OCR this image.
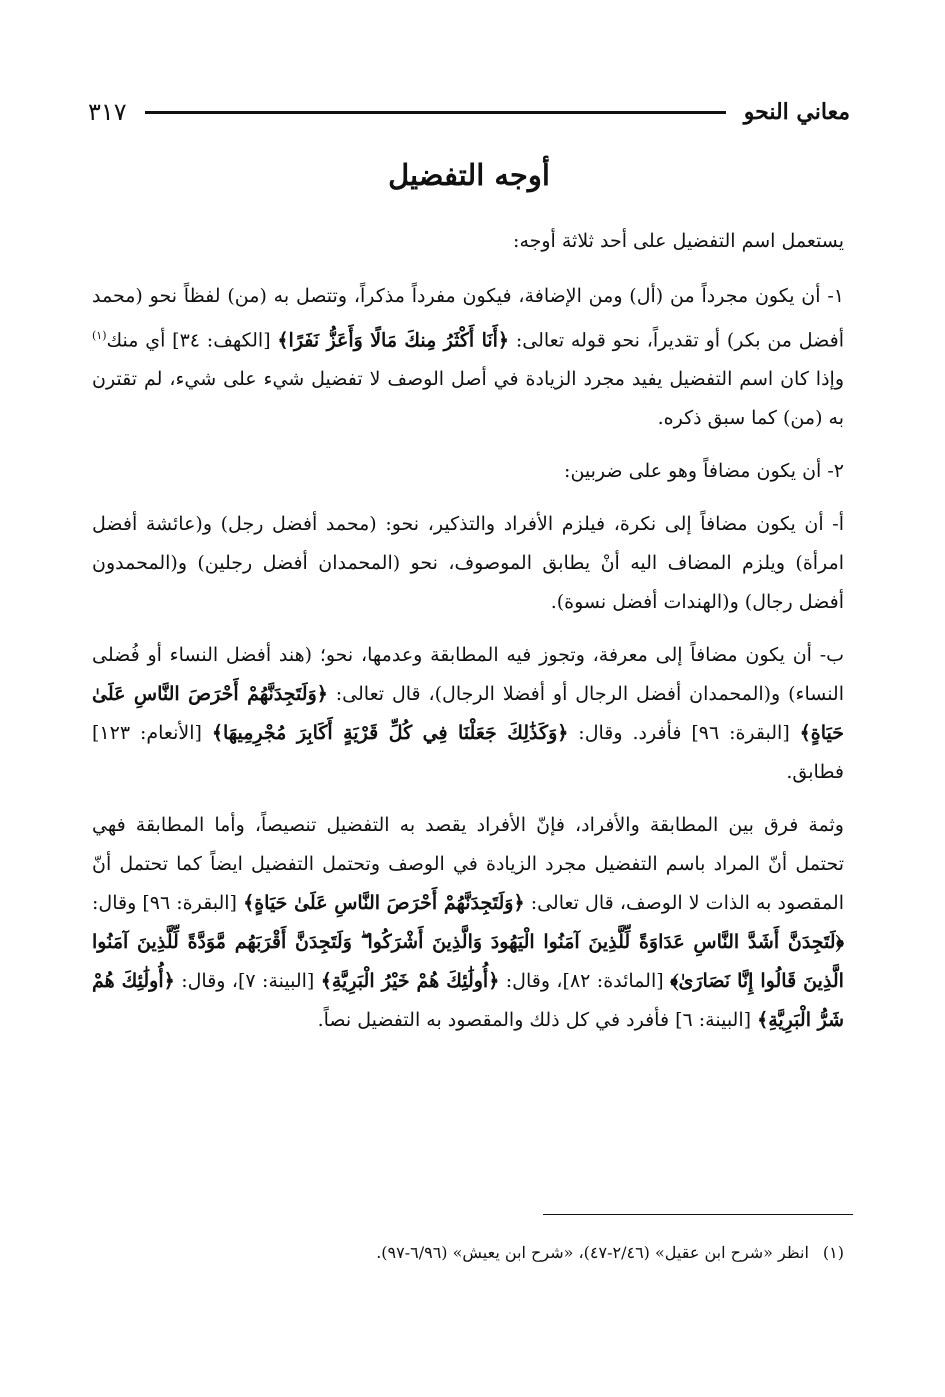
معاني النحو
٣١٧
أوجه التفضيل

يستعمل اسم التفضيل على أحد ثلاثة أوجه:

١- أن يكون مجرداً من (أل) ومن الإضافة، فيكون مفرداً مذكراً، وتتصل به (من) لفظاً نحو (محمد أفضل من بكر) أو تقديراً، نحو قوله تعالى: ﴿أَنَا أَكْثَرُ مِنكَ مَالًا وَأَعَزُّ نَفَرًا﴾ [الكهف: ٣٤] أي منك$^{(١)}$ وإذا كان اسم التفضيل يفيد مجرد الزيادة في أصل الوصف لا تفضيل شيء على شيء، لم تقترن به (من) كما سبق ذكره.

٢- أن يكون مضافاً وهو على ضربين:

أ- أن يكون مضافاً إلى نكرة، فيلزم الأفراد والتذكير، نحو: (محمد أفضل رجل) و(عائشة أفضل امرأة) ويلزم المضاف اليه أنْ يطابق الموصوف، نحو (المحمدان أفضل رجلين) و(المحمدون أفضل رجال) و(الهندات أفضل نسوة).

ب- أن يكون مضافاً إلى معرفة، وتجوز فيه المطابقة وعدمها، نحو؛ (هند أفضل النساء أو فُضلى النساء) و(المحمدان أفضل الرجال أو أفضلا الرجال)، قال تعالى: ﴿وَلَتَجِدَنَّهُمْ أَحْرَصَ النَّاسِ عَلَىٰ حَيَاةٍ﴾ [البقرة: ٩٦] فأفرد. وقال: ﴿وَكَذَٰلِكَ جَعَلْنَا فِي كُلِّ قَرْيَةٍ أَكَابِرَ مُجْرِمِيهَا﴾ [الأنعام: ١٢٣] فطابق.

وثمة فرق بين المطابقة والأفراد، فإنّ الأفراد يقصد به التفضيل تنصيصاً، وأما المطابقة فهي تحتمل أنّ المراد باسم التفضيل مجرد الزيادة في الوصف وتحتمل التفضيل ايضاً كما تحتمل أنّ المقصود به الذات لا الوصف، قال تعالى: ﴿وَلَتَجِدَنَّهُمْ أَحْرَصَ النَّاسِ عَلَىٰ حَيَاةٍ﴾ [البقرة: ٩٦] وقال: ﴿لَتَجِدَنَّ أَشَدَّ النَّاسِ عَدَاوَةً لِّلَّذِينَ آمَنُوا الْيَهُودَ وَالَّذِينَ أَشْرَكُوا ۖ وَلَتَجِدَنَّ أَقْرَبَهُم مَّوَدَّةً لِّلَّذِينَ آمَنُوا الَّذِينَ قَالُوا إِنَّا نَصَارَىٰ﴾ [المائدة: ٨٢]، وقال: ﴿أُولَٰئِكَ هُمْ خَيْرُ الْبَرِيَّةِ﴾ [البينة: ٧]، وقال: ﴿أُولَٰئِكَ هُمْ شَرُّ الْبَرِيَّةِ﴾ [البينة: ٦] فأفرد في كل ذلك والمقصود به التفضيل نصاً.

(١)انظر «شرح ابن عقيل» (٢/٤٦-٤٧)، «شرح ابن يعيش» (٦/٩٦-٩٧).
